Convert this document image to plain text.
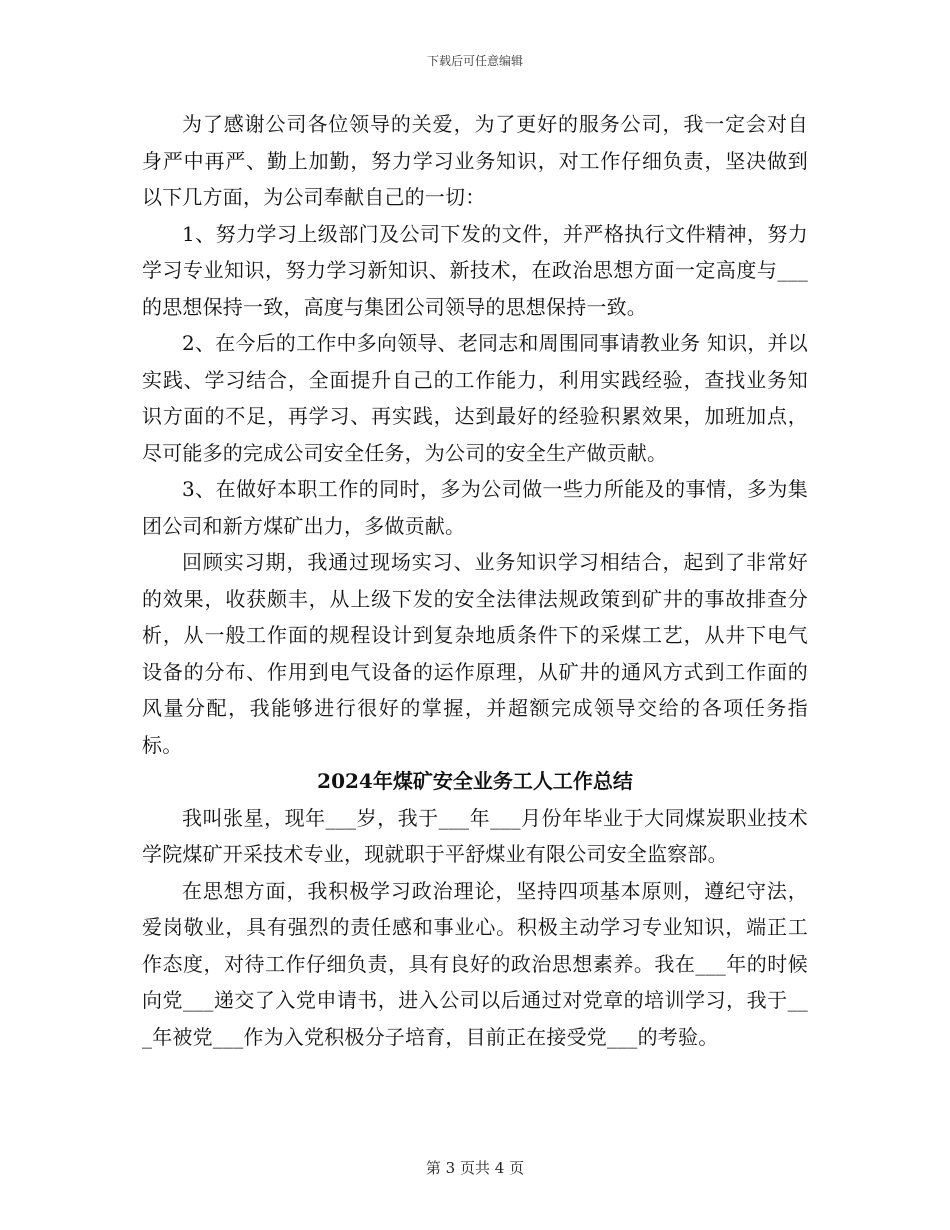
下载后可任意编辑

为了感谢公司各位领导的关爱，为了更好的服务公司，我一定会对自身严中再严、勤上加勤，努力学习业务知识，对工作仔细负责，坚决做到以下几方面，为公司奉献自己的一切：

1、努力学习上级部门及公司下发的文件，并严格执行文件精神，努力学习专业知识，努力学习新知识、新技术，在政治思想方面一定高度与___的思想保持一致，高度与集团公司领导的思想保持一致。

2、在今后的工作中多向领导、老同志和周围同事请教业务 知识，并以实践、学习结合，全面提升自己的工作能力，利用实践经验，查找业务知识方面的不足，再学习、再实践，达到最好的经验积累效果，加班加点，尽可能多的完成公司安全任务，为公司的安全生产做贡献。

3、在做好本职工作的同时，多为公司做一些力所能及的事情，多为集团公司和新方煤矿出力，多做贡献。

回顾实习期，我通过现场实习、业务知识学习相结合，起到了非常好的效果，收获颇丰，从上级下发的安全法律法规政策到矿井的事故排查分析，从一般工作面的规程设计到复杂地质条件下的采煤工艺，从井下电气设备的分布、作用到电气设备的运作原理，从矿井的通风方式到工作面的风量分配，我能够进行很好的掌握，并超额完成领导交给的各项任务指标。

2024年煤矿安全业务工人工作总结

我叫张星，现年___岁，我于___年___月份年毕业于大同煤炭职业技术学院煤矿开采技术专业，现就职于平舒煤业有限公司安全监察部。

在思想方面，我积极学习政治理论，坚持四项基本原则，遵纪守法，爱岗敬业，具有强烈的责任感和事业心。积极主动学习专业知识，端正工作态度，对待工作仔细负责，具有良好的政治思想素养。我在___年的时候向党___递交了入党申请书，进入公司以后通过对党章的培训学习，我于___年被党___作为入党积极分子培育，目前正在接受党___的考验。

第 3 页共 4 页
